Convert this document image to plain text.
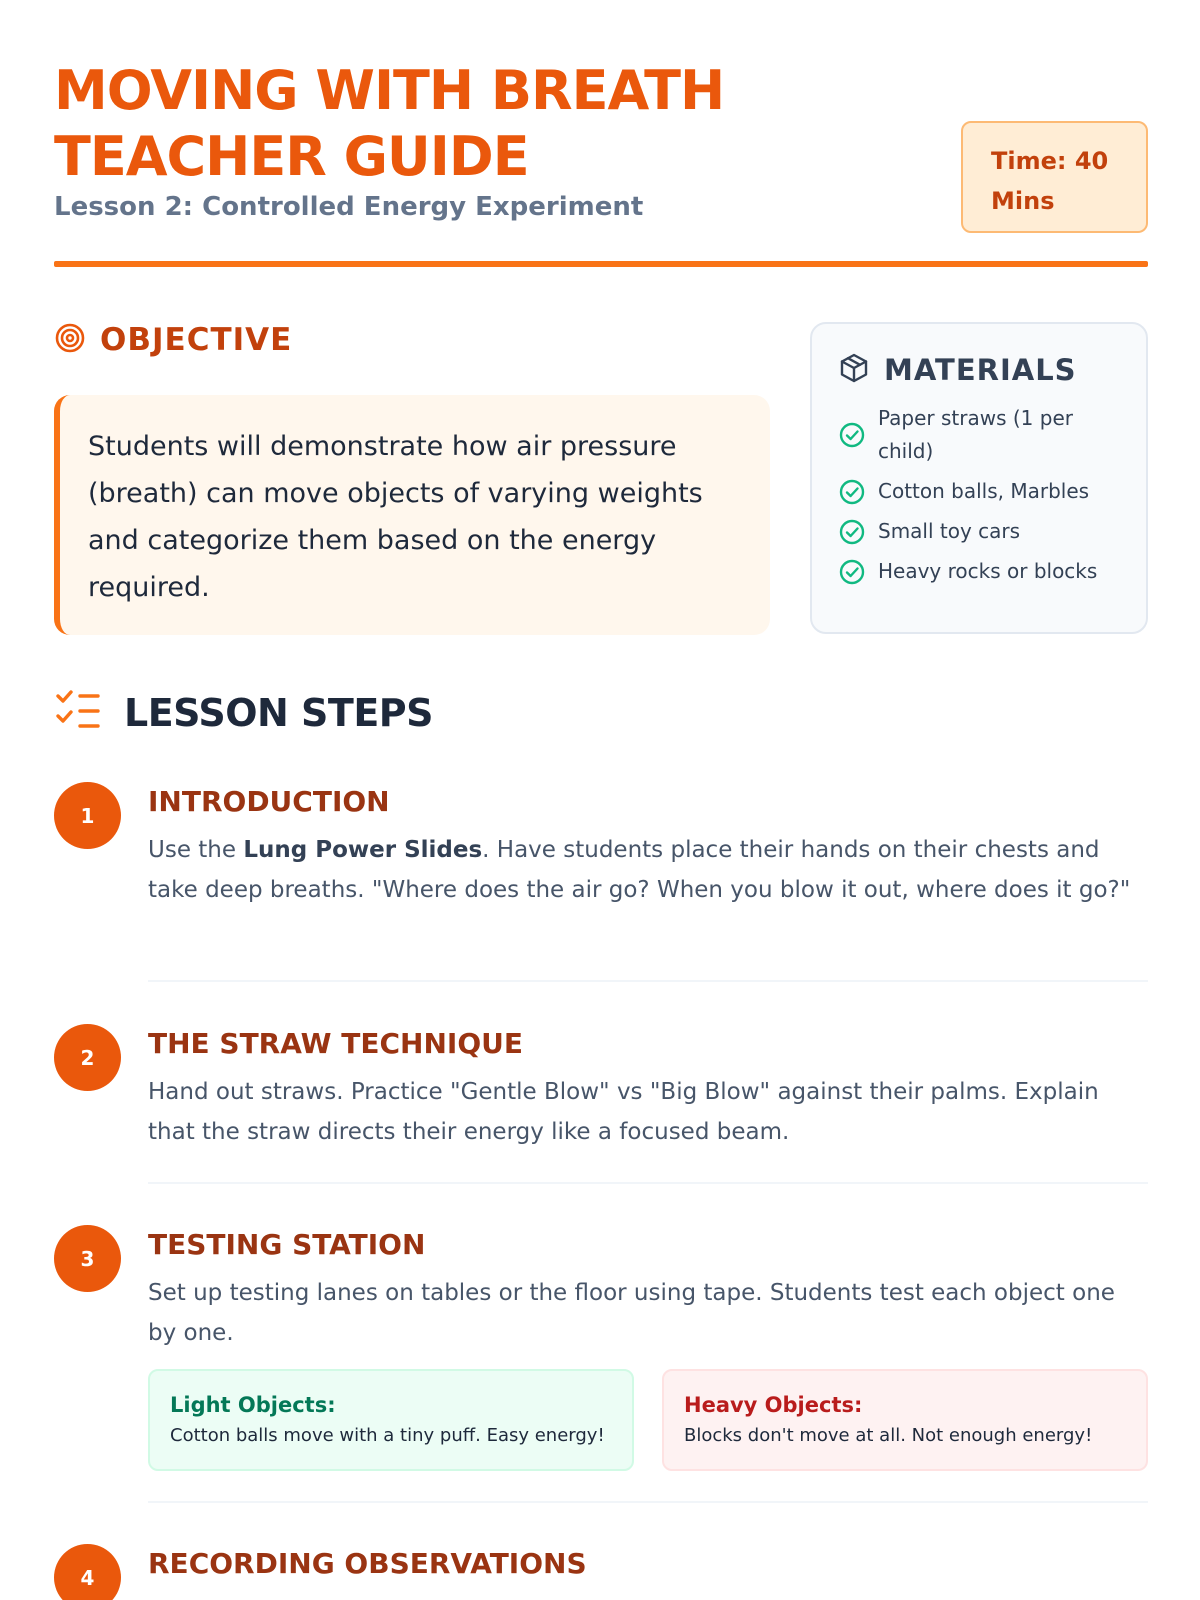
MOVING WITH BREATH
TEACHER GUIDE
Lesson 2: Controlled Energy Experiment
Time: 40
Mins
OBJECTIVE
Students will demonstrate how air pressure (breath) can move objects of varying weights and categorize them based on the energy required.
MATERIALS
Paper straws (1 per child)
Cotton balls, Marbles
Small toy cars
Heavy rocks or blocks
LESSON STEPS
1	INTRODUCTION
Use the Lung Power Slides. Have students place their hands on their chests and take deep breaths. "Where does the air go? When you blow it out, where does it go?"
2	THE STRAW TECHNIQUE
Hand out straws. Practice "Gentle Blow" vs "Big Blow" against their palms. Explain that the straw directs their energy like a focused beam.
3	TESTING STATION
Set up testing lanes on tables or the floor using tape. Students test each object one by one.
Light Objects:
Cotton balls move with a tiny puff. Easy energy!
Heavy Objects:
Blocks don't move at all. Not enough energy!
4	RECORDING OBSERVATIONS
